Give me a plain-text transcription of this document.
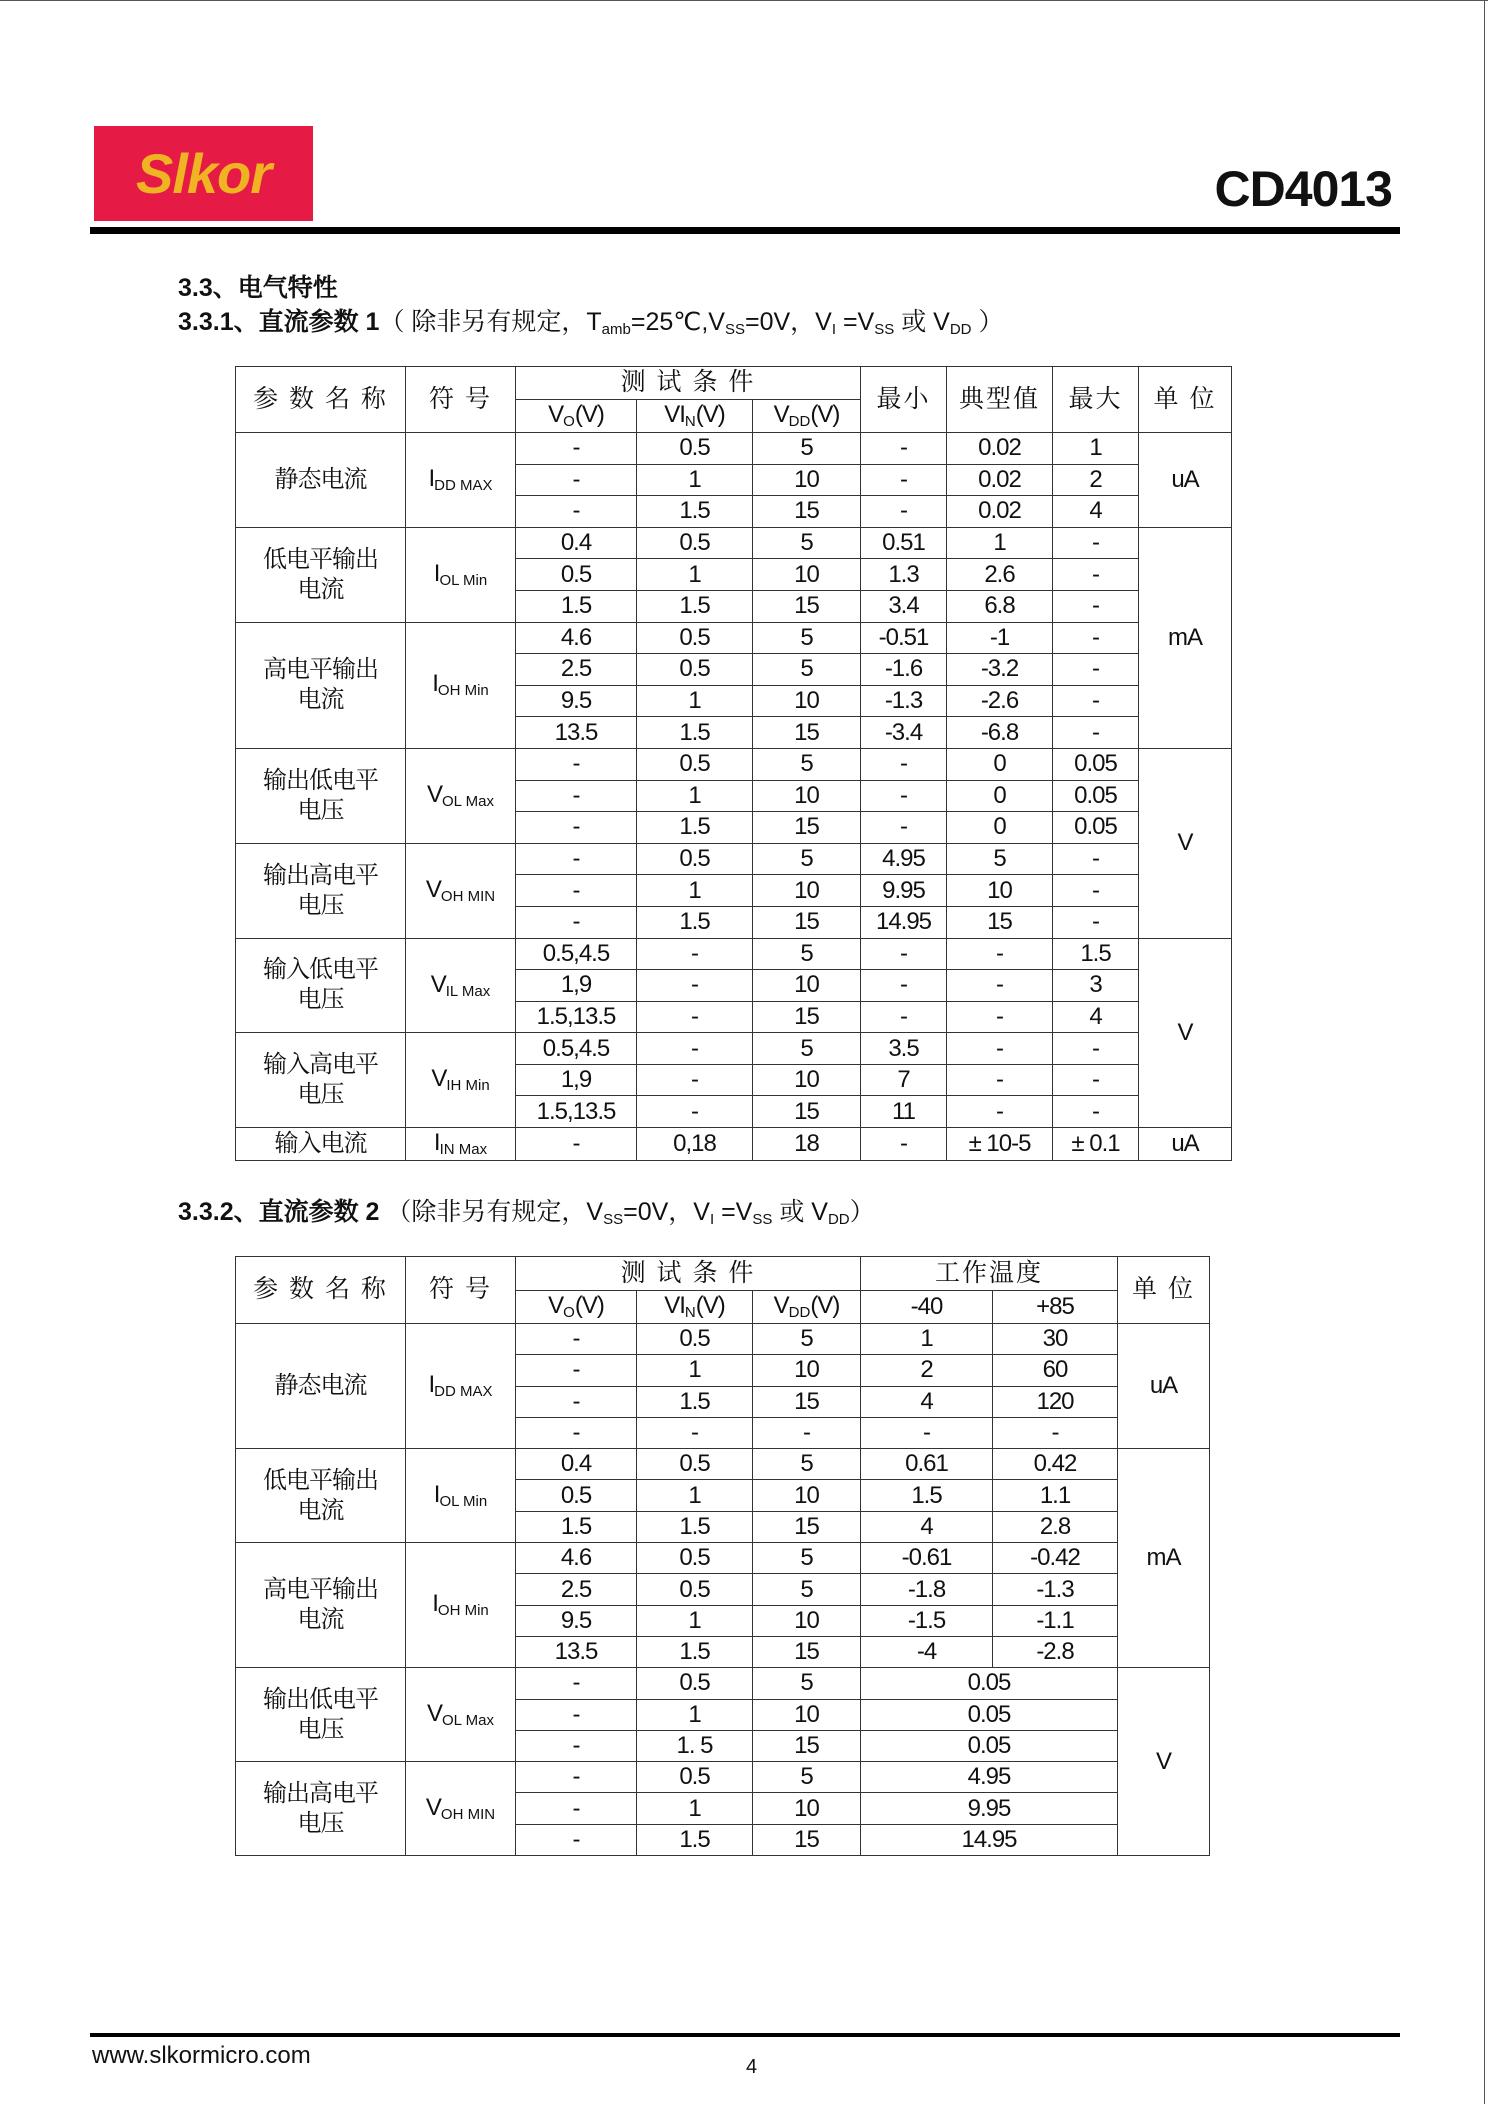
Slkor	CD4013
3.3、电气特性
3.3.1、直流参数 1（ 除非另有规定，$T_{amb}=25℃,V_{SS}=0V$，$V_I =V_{SS}$ 或 $V_{DD}$ ）
参 数 名 称	符 号	测 试 条 件			最小	典型值	最大	单 位
		$V_O(V)$	$VI_N(V)$	$V_{DD}(V)$				
静态电流	$I_{DD MAX}$	-	0.5	5	-	0.02	1	uA
		-	1	10	-	0.02	2	
		-	1.5	15	-	0.02	4	
低电平输出
电流	$I_{OL Min}$	0.4	0.5	5	0.51	1	-	mA
		0.5	1	10	1.3	2.6	-	
		1.5	1.5	15	3.4	6.8	-	
高电平输出
电流	$I_{OH Min}$	4.6	0.5	5	-0.51	-1	-	
		2.5	0.5	5	-1.6	-3.2	-	
		9.5	1	10	-1.3	-2.6	-	
		13.5	1.5	15	-3.4	-6.8	-	
输出低电平
电压	$V_{OL Max}$	-	0.5	5	-	0	0.05	V
		-	1	10	-	0	0.05	
		-	1.5	15	-	0	0.05	
输出高电平
电压	$V_{OH MIN}$	-	0.5	5	4.95	5	-	
		-	1	10	9.95	10	-	
		-	1.5	15	14.95	15	-	
输入低电平
电压	$V_{IL Max}$	0.5,4.5	-	5	-	-	1.5	V
		1,9	-	10	-	-	3	
		1.5,13.5	-	15	-	-	4	
输入高电平
电压	$V_{IH Min}$	0.5,4.5	-	5	3.5	-	-	
		1,9	-	10	7	-	-	
		1.5,13.5	-	15	11	-	-	
输入电流	$I_{IN Max}$	-	0,18	18	-	± 10-5	± 0.1	uA
3.3.2、直流参数 2 （除非另有规定，$V_{SS}=0V$，$V_I =V_{SS}$ 或 $V_{DD}$）
参 数 名 称	符 号	测 试 条 件			工作温度		单 位
		$V_O(V)$	$VI_N(V)$	$V_{DD}(V)$	-40	+85	
静态电流	$I_{DD MAX}$	-	0.5	5	1	30	uA
		-	1	10	2	60	
		-	1.5	15	4	120	
		-	-	-	-	-	
低电平输出
电流	$I_{OL Min}$	0.4	0.5	5	0.61	0.42	mA
		0.5	1	10	1.5	1.1	
		1.5	1.5	15	4	2.8	
高电平输出
电流	$I_{OH Min}$	4.6	0.5	5	-0.61	-0.42	
		2.5	0.5	5	-1.8	-1.3	
		9.5	1	10	-1.5	-1.1	
		13.5	1.5	15	-4	-2.8	
输出低电平
电压	$V_{OL Max}$	-	0.5	5	0.05		V
		-	1	10	0.05		
		-	1. 5	15	0.05		
输出高电平
电压	$V_{OH MIN}$	-	0.5	5	4.95		
		-	1	10	9.95		
		-	1.5	15	14.95		
www.slkormicro.com	4
